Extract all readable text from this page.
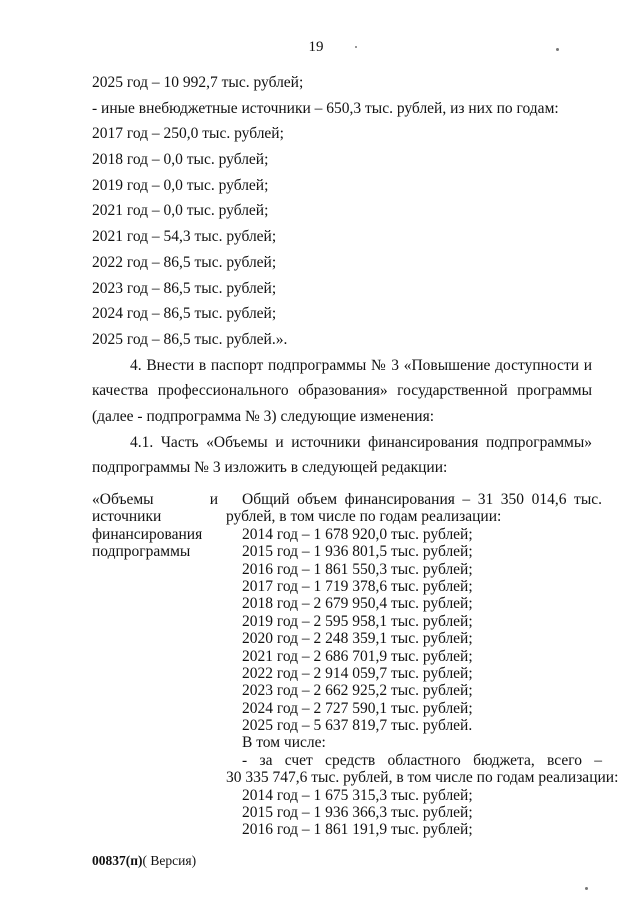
19
2025 год – 10 992,7 тыс. рублей;
- иные внебюджетные источники – 650,3 тыс. рублей, из них по годам:
2017 год – 250,0 тыс. рублей;
2018 год – 0,0 тыс. рублей;
2019 год – 0,0 тыс. рублей;
2021 год – 0,0 тыс. рублей;
2021 год – 54,3 тыс. рублей;
2022 год – 86,5 тыс. рублей;
2023 год – 86,5 тыс. рублей;
2024 год – 86,5 тыс. рублей;
2025 год – 86,5 тыс. рублей.».
4. Внести в паспорт подпрограммы № 3 «Повышение доступности и
качества профессионального образования» государственной программы
(далее - подпрограмма № 3) следующие изменения:
4.1. Часть «Объемы и источники финансирования подпрограммы»
подпрограммы № 3 изложить в следующей редакции:
«Объемы	и
источники
финансирования
подпрограммы
Общий объем финансирования – 31 350 014,6 тыс.
рублей, в том числе по годам реализации:
2014 год – 1 678 920,0 тыс. рублей;
2015 год – 1 936 801,5 тыс. рублей;
2016 год – 1 861 550,3 тыс. рублей;
2017 год – 1 719 378,6 тыс. рублей;
2018 год – 2 679 950,4 тыс. рублей;
2019 год – 2 595 958,1 тыс. рублей;
2020 год – 2 248 359,1 тыс. рублей;
2021 год – 2 686 701,9 тыс. рублей;
2022 год – 2 914 059,7 тыс. рублей;
2023 год – 2 662 925,2 тыс. рублей;
2024 год – 2 727 590,1 тыс. рублей;
2025 год – 5 637 819,7 тыс. рублей.
В том числе:
- за счет средств областного бюджета, всего –
30 335 747,6 тыс. рублей, в том числе по годам реализации:
2014 год – 1 675 315,3 тыс. рублей;
2015 год – 1 936 366,3 тыс. рублей;
2016 год – 1 861 191,9 тыс. рублей;
00837(п)( Версия)
